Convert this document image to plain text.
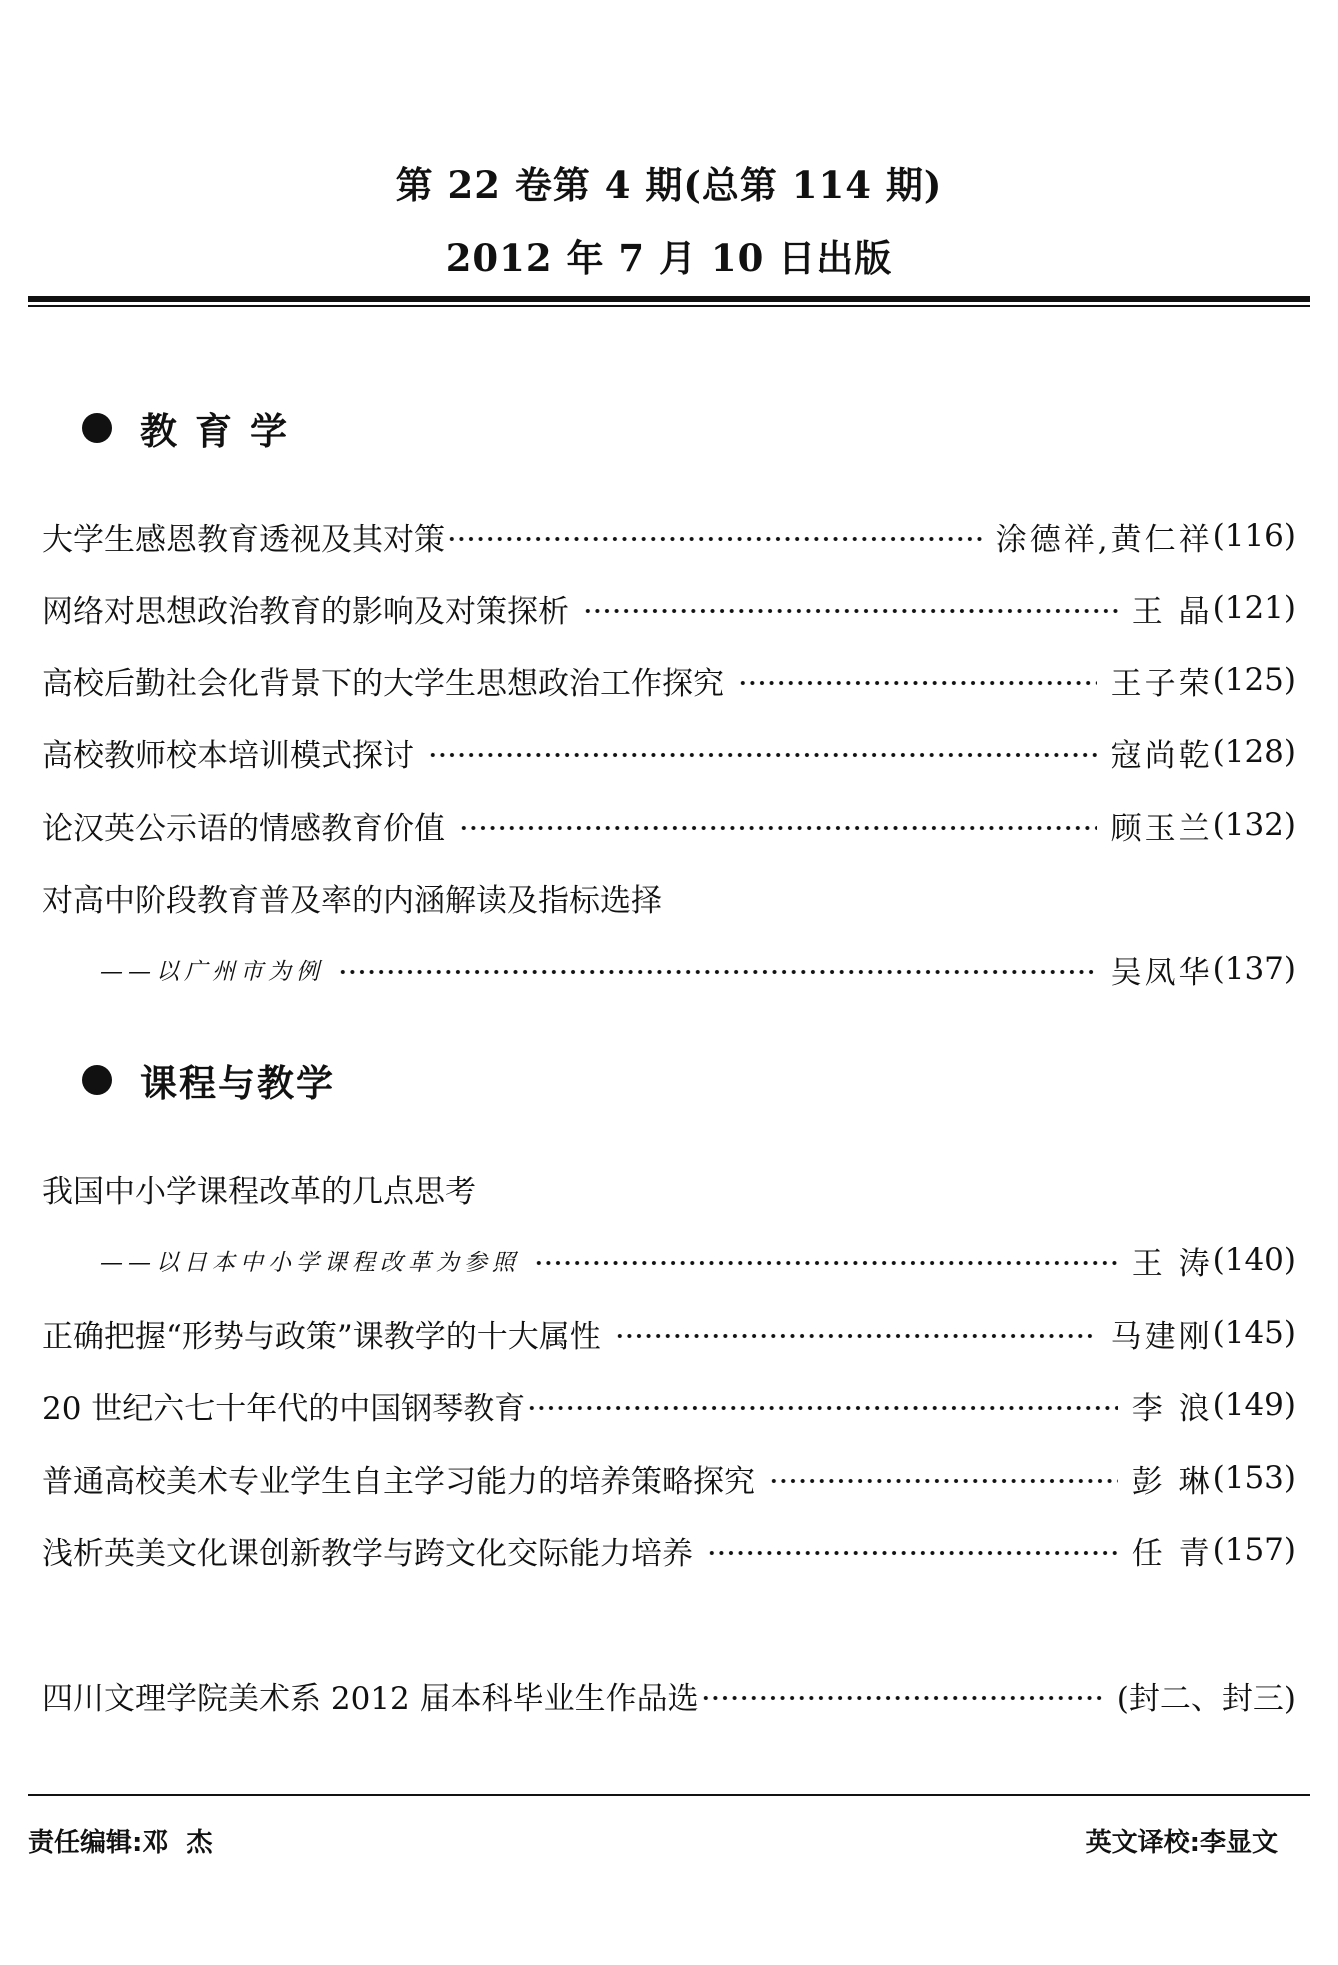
第 22 卷第 4 期(总第 114 期)
2012 年 7 月 10 日出版
教育学
大学生感恩教育透视及其对策	涂德祥,黄仁祥 (116)
网络对思想政治教育的影响及对策探析	王 晶 (121)
高校后勤社会化背景下的大学生思想政治工作探究	王子荣 (125)
高校教师校本培训模式探讨	寇尚乾 (128)
论汉英公示语的情感教育价值	顾玉兰 (132)
对高中阶段教育普及率的内涵解读及指标选择
——以广州市为例	吴凤华 (137)
课程与教学
我国中小学课程改革的几点思考
——以日本中小学课程改革为参照	王 涛 (140)
正确把握“形势与政策”课教学的十大属性	马建刚 (145)
20 世纪六七十年代的中国钢琴教育	李 浪 (149)
普通高校美术专业学生自主学习能力的培养策略探究	彭 琳 (153)
浅析英美文化课创新教学与跨文化交际能力培养	任 青 (157)
四川文理学院美术系 2012 届本科毕业生作品选	(封二、封三)
责任编辑:邓  杰	英文译校:李显文
